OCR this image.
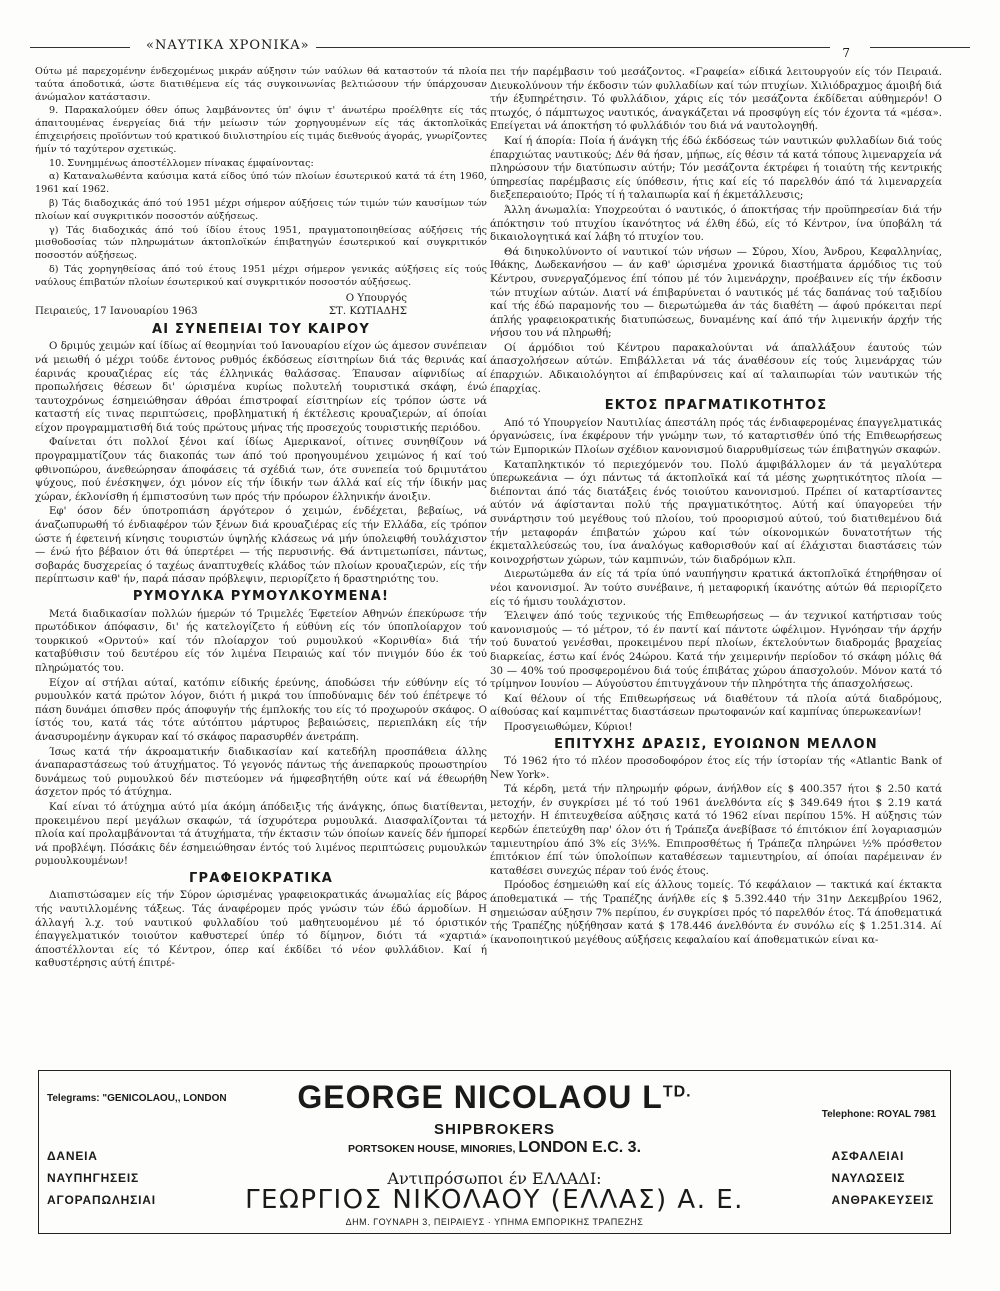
«ΝΑΥΤΙΚΑ ΧΡΟΝΙΚΑ»	7

Ούτω μέ παρεχομένην ένδεχομένως μικράν αύξησιν τών ναύλων θά καταστούν τά πλοία ταύτα άποδοτικά, ώστε διατιθέμενα είς τάς συγκοινωνίας βελτιώσουν τήν ύπάρχουσαν άνώμαλον κατάστασιν.

9. Παρακαλούμεν όθεν όπως λαμβάνοντες ύπ' όψιν τ' άνωτέρω προέλθητε είς τάς άπαιτουμένας ένεργείας διά τήν μείωσιν τών χορηγουμένων είς τάς άκτοπλοϊκάς έπιχειρήσεις προϊόντων τού κρατικού διυλιστηρίου είς τιμάς διεθνούς άγοράς, γνωρίζοντες ήμίν τό ταχύτερον σχετικώς.

10. Συνημμένως άποστέλλομεν πίνακας έμφαίνοντας:

α) Καταναλωθέντα καύσιμα κατά είδος ύπό τών πλοίων έσωτερικού κατά τά έτη 1960, 1961 καί 1962.

β) Τάς διαδοχικάς άπό τού 1951 μέχρι σήμερον αύξήσεις τών τιμών τών καυσίμων τών πλοίων καί συγκριτικόν ποσοστόν αύξήσεως.

γ) Τάς διαδοχικάς άπό τού ίδίου έτους 1951, πραγματοποιηθείσας αύξήσεις τής μισθοδοσίας τών πληρωμάτων άκτοπλοϊκών έπιβατηγών έσωτερικού καί συγκριτικόν ποσοστόν αύξήσεως.

δ) Τάς χορηγηθείσας άπό τού έτους 1951 μέχρι σήμερον γενικάς αύξήσεις είς τούς ναύλους έπιβατών πλοίων έσωτερικού καί συγκριτικόν ποσοστόν αύξήσεως.

Ο Υπουργός

Πειραιεύς, 17 Ιανουαρίου 1963	ΣΤ. ΚΩΤΙΑΔΗΣ
ΑΙ ΣΥΝΕΠΕΙΑΙ ΤΟΥ ΚΑΙΡΟΥ

Ο δριμύς χειμών καί ίδίως αί θεομηνίαι τού Ιανουαρίου είχον ώς άμεσον συνέπειαν νά μειωθή ό μέχρι τούδε έντονος ρυθμός έκδόσεως είσιτηρίων διά τάς θερινάς καί έαρινάς κρουαζιέρας είς τάς έλληνικάς θαλάσσας. Έπαυσαν αίφνιδίως αί προπωλήσεις θέσεων δι' ώρισμένα κυρίως πολυτελή τουριστικά σκάφη, ένώ ταυτοχρόνως έσημειώθησαν άθρόαι έπιστροφαί είσιτηρίων είς τρόπον ώστε νά καταστή είς τινας περιπτώσεις, προβληματική ή έκτέλεσις κρουαζιερών, αί όποίαι είχον προγραμματισθή διά τούς πρώτους μήνας τής προσεχούς τουριστικής περιόδου.

Φαίνεται ότι πολλοί ξένοι καί ίδίως Αμερικανοί, οίτινες συνηθίζουν νά προγραμματίζουν τάς διακοπάς των άπό τού προηγουμένου χειμώνος ή καί τού φθινοπώρου, άνεθεώρησαν άποφάσεις τά σχέδιά των, ότε συνεπεία τού δριμυτάτου ψύχους, πού ένέσκηψεν, όχι μόνον είς τήν ίδικήν των άλλά καί είς τήν ίδικήν μας χώραν, έκλονίσθη ή έμπιστοσύνη των πρός τήν πρόωρον έλληνικήν άνοιξιν.

Εφ' όσον δέν ύποτροπιάση άργότερον ό χειμών, ένδέχεται, βεβαίως, νά άναζωπυρωθή τό ένδιαφέρον τών ξένων διά κρουαζιέρας είς τήν Ελλάδα, είς τρόπον ώστε ή έφετεινή κίνησις τουριστών ύψηλής κλάσεως νά μήν ύπολειφθή τουλάχιστον — ένώ ήτο βέβαιον ότι θά ύπερτέρει — τής περυσινής. Θά άντιμετωπίσει, πάντως, σοβαράς δυσχερείας ό ταχέως άναπτυχθείς κλάδος τών πλοίων κρουαζιερών, είς τήν περίπτωσιν καθ' ήν, παρά πάσαν πρόβλεψιν, περιορίζετο ή δραστηριότης του.

ΡΥΜΟΥΛΚΑ ΡΥΜΟΥΛΚΟΥΜΕΝΑ!

Μετά διαδικασίαν πολλών ήμερών τό Τριμελές Έφετείον Αθηνών έπεκύρωσε τήν πρωτόδικον άπόφασιν, δι' ής κατελογίζετο ή εύθύνη είς τόν ύποπλοίαρχον τού τουρκικού «Ορντού» καί τόν πλοίαρχον τού ρυμουλκού «Κορινθία» διά τήν καταβύθισιν τού δευτέρου είς τόν λιμένα Πειραιώς καί τόν πνιγμόν δύο έκ τού πληρώματός του.

Είχον αί στήλαι αύταί, κατόπιν είδικής έρεύνης, άποδώσει τήν εύθύνην είς τό ρυμουλκόν κατά πρώτον λόγον, διότι ή μικρά του ίπποδύναμις δέν τού έπέτρεψε τό πάση δυνάμει όπισθεν πρός άποφυγήν τής έμπλοκής του είς τό προχωρούν σκάφος. Ο ίστός του, κατά τάς τότε αύτόπτου μάρτυρος βεβαιώσεις, περιεπλάκη είς τήν άνασυρομένην άγκυραν καί τό σκάφος παρασυρθέν άνετράπη.

Ίσως κατά τήν άκροαματικήν διαδικασίαν καί κατεδήλη προσπάθεια άλλης άναπαραστάσεως τού άτυχήματος. Τό γεγονός πάντως τής άνεπαρκούς προωστηρίου δυνάμεως τού ρυμουλκού δέν πιστεύομεν νά ήμφεσβητήθη ούτε καί νά έθεωρήθη άσχετον πρός τό άτύχημα.

Καί είναι τό άτύχημα αύτό μία άκόμη άπόδειξις τής άνάγκης, όπως διατίθενται, προκειμένου περί μεγάλων σκαφών, τά ίσχυρότερα ρυμουλκά. Διασφαλίζονται τά πλοία καί προλαμβάνονται τά άτυχήματα, τήν έκτασιν τών όποίων κανείς δέν ήμπορεί νά προβλέψη. Πόσάκις δέν έσημειώθησαν έντός τού λιμένος περιπτώσεις ρυμουλκών ρυμουλκουμένων!

ΓΡΑΦΕΙΟΚΡΑΤΙΚΑ

Διαπιστώσαμεν είς τήν Σύρον ώρισμένας γραφειοκρατικάς άνωμαλίας είς βάρος τής ναυτιλλομένης τάξεως. Τάς άναφέρομεν πρός γνώσιν τών έδώ άρμοδίων. Η άλλαγή λ.χ. τού ναυτικού φυλλαδίου τού μαθητευομένου μέ τό όριστικόν έπαγγελματικόν τοιούτον καθυστερεί ύπέρ τό δίμηνον, διότι τά «χαρτιά» άποστέλλονται είς τό Κέντρον, όπερ καί έκδίδει τό νέον φυλλάδιον. Καί ή καθυστέρησις αύτή έπιτρέ-

πει τήν παρέμβασιν τού μεσάζοντος. «Γραφεία» είδικά λειτουργούν είς τόν Πειραιά. Διευκολύνουν τήν έκδοσιν τών φυλλαδίων καί τών πτυχίων. Χιλιόδραχμος άμοιβή διά τήν έξυπηρέτησιν. Τό φυλλάδιον, χάρις είς τόν μεσάζοντα έκδίδεται αύθημερόν! Ο πτωχός, ό πάμπτωχος ναυτικός, άναγκάζεται νά προσφύγη είς τόν έχοντα τά «μέσα». Επείγεται νά άποκτήση τό φυλλάδιόν του διά νά ναυτολογηθή.

Καί ή άπορία: Ποία ή άνάγκη τής έδώ έκδόσεως τών ναυτικών φυλλαδίων διά τούς έπαρχιώτας ναυτικούς; Δέν θά ήσαν, μήπως, είς θέσιν τά κατά τόπους λιμεναρχεία νά πληρώσουν τήν διατύπωσιν αύτήν; Τόν μεσάζοντα έκτρέφει ή τοιαύτη τής κεντρικής ύπηρεσίας παρέμβασις είς ύπόθεσιν, ήτις καί είς τό παρελθόν άπό τά λιμεναρχεία διεξεπεραιούτο; Πρός τί ή ταλαιπωρία καί ή έκμετάλλευσις;

Άλλη άνωμαλία: Υποχρεούται ό ναυτικός, ό άποκτήσας τήν προϋπηρεσίαν διά τήν άπόκτησιν τού πτυχίου ίκανότητος νά έλθη έδώ, είς τό Κέντρον, ίνα ύποβάλη τά δικαιολογητικά καί λάβη τό πτυχίον του.

Θά διηυκολύνοντο οί ναυτικοί τών νήσων — Σύρου, Χίου, Άνδρου, Κεφαλληνίας, Ιθάκης, Δωδεκανήσου — άν καθ' ώρισμένα χρονικά διαστήματα άρμόδιος τις τού Κέντρου, συνεργαζόμενος έπί τόπου μέ τόν λιμενάρχην, προέβαινεν είς τήν έκδοσιν τών πτυχίων αύτών. Διατί νά έπιβαρύνεται ό ναυτικός μέ τάς δαπάνας τού ταξιδίου καί τής έδώ παραμονής του — διερωτώμεθα άν τάς διαθέτη — άφού πρόκειται περί άπλής γραφειοκρατικής διατυπώσεως, δυναμένης καί άπό τήν λιμενικήν άρχήν τής νήσου του νά πληρωθή;

Οί άρμόδιοι τού Κέντρου παρακαλούνται νά άπαλλάξουν έαυτούς τών άπασχολήσεων αύτών. Επιβάλλεται νά τάς άναθέσουν είς τούς λιμενάρχας τών έπαρχιών. Αδικαιολόγητοι αί έπιβαρύνσεις καί αί ταλαιπωρίαι τών ναυτικών τής έπαρχίας.

ΕΚΤΟΣ ΠΡΑΓΜΑΤΙΚΟΤΗΤΟΣ

Από τό Υπουργείον Ναυτιλίας άπεστάλη πρός τάς ένδιαφερομένας έπαγγελματικάς όργανώσεις, ίνα έκφέρουν τήν γνώμην των, τό καταρτισθέν ύπό τής Επιθεωρήσεως τών Εμπορικών Πλοίων σχέδιον κανονισμού διαρρυθμίσεως τών έπιβατηγών σκαφών.

Καταπληκτικόν τό περιεχόμενόν του. Πολύ άμφιβάλλομεν άν τά μεγαλύτερα ύπερωκεάνια — όχι πάντως τά άκτοπλοϊκά καί τά μέσης χωρητικότητος πλοία — διέπονται άπό τάς διατάξεις ένός τοιούτου κανονισμού. Πρέπει οί καταρτίσαντες αύτόν νά άφίστανται πολύ τής πραγματικότητος. Αύτή καί ύπαγορεύει τήν συνάρτησιν τού μεγέθους τού πλοίου, τού προορισμού αύτού, τού διατιθεμένου διά τήν μεταφοράν έπιβατών χώρου καί τών οίκονομικών δυνατοτήτων τής έκμεταλλεύσεώς του, ίνα άναλόγως καθορισθούν καί αί έλάχισται διαστάσεις τών κοινοχρήστων χώρων, τών καμπινών, τών διαδρόμων κλπ.

Διερωτώμεθα άν είς τά τρία ύπό ναυπήγησιν κρατικά άκτοπλοϊκά έτηρήθησαν οί νέοι κανονισμοί. Άν τούτο συνέβαινε, ή μεταφορική ίκανότης αύτών θά περιορίζετο είς τό ήμισυ τουλάχιστον.

Έλειψεν άπό τούς τεχνικούς τής Επιθεωρήσεως — άν τεχνικοί κατήρτισαν τούς κανονισμούς — τό μέτρον, τό έν παντί καί πάντοτε ώφέλιμον. Ηγνόησαν τήν άρχήν τού δυνατού γενέσθαι, προκειμένου περί πλοίων, έκτελούντων διαδρομάς βραχείας διαρκείας, έστω καί ένός 24ώρου. Κατά τήν χειμερινήν περίοδον τό σκάφη μόλις θά 30 — 40% τού προσφερομένου διά τούς έπιβάτας χώρου άπασχολούν. Μόνον κατά τό τρίμηνον Ιουνίου — Αύγούστου έπιτυγχάνουν τήν πληρότητα τής άπασχολήσεως.

Καί θέλουν οί τής Επιθεωρήσεως νά διαθέτουν τά πλοία αύτά διαδρόμους, αίθούσας καί καμπινέττας διαστάσεων πρωτοφανών καί καμπίνας ύπερωκεανίων!

Προσγειωθώμεν, Κύριοι!

ΕΠΙΤΥΧΗΣ ΔΡΑΣΙΣ, ΕΥΟΙΩΝΟΝ ΜΕΛΛΟΝ

Τό 1962 ήτο τό πλέον προσοδοφόρον έτος είς τήν ίστορίαν τής «Atlantic Bank of New York».

Τά κέρδη, μετά τήν πληρωμήν φόρων, άνήλθον είς $ 400.357 ήτοι $ 2.50 κατά μετοχήν, έν συγκρίσει μέ τό τού 1961 άνελθόντα είς $ 349.649 ήτοι $ 2.19 κατά μετοχήν. Η έπιτευχθείσα αύξησις κατά τό 1962 είναι περίπου 15%. Η αύξησις τών κερδών έπετεύχθη παρ' όλον ότι ή Τράπεζα άνεβίβασε τό έπιτόκιον έπί λογαριασμών ταμιευτηρίου άπό 3% είς 3½%. Επιπροσθέτως ή Τράπεζα πληρώνει ½% πρόσθετον έπιτόκιον έπί τών ύπολοίπων καταθέσεων ταμιευτηρίου, αί όποίαι παρέμειναν έν καταθέσει συνεχώς πέραν τού ένός έτους.

Πρόοδος έσημειώθη καί είς άλλους τομείς. Τό κεφάλαιον — τακτικά καί έκτακτα άποθεματικά — τής Τραπέζης άνήλθε είς $ 5.392.440 τήν 31ην Δεκεμβρίου 1962, σημειώσαν αύξησιν 7% περίπου, έν συγκρίσει πρός τό παρελθόν έτος. Τά άποθεματικά τής Τραπέζης ηύξήθησαν κατά $ 178.446 άνελθόντα έν συνόλω είς $ 1.251.314. Αί ίκανοποιητικού μεγέθους αύξήσεις κεφαλαίου καί άποθεματικών είναι κα-

Telegrams: "GENICOLAOU,, LONDON
Telephone: ROYAL 7981
GEORGE NICOLAOU $L^{TD.}$
SHIPBROKERS
PORTSOKEN HOUSE, MINORIES, LONDON E.C. 3.
ΔΑΝΕΙΑ
ΝΑΥΠΗΓΗΣΕΙΣ
ΑΓΟΡΑΠΩΛΗΣΙΑΙ
ΑΣΦΑΛΕΙΑΙ
ΝΑΥΛΩΣΕΙΣ
ΑΝΘΡΑΚΕΥΣΕΙΣ
Αντιπρόσωποι έν ΕΛΛΑΔΙ:
ΓΕΩΡΓΙΟΣ ΝΙΚΟΛΑΟΥ (ΕΛΛΑΣ) Α. Ε.
ΔΗΜ. ΓΟΥΝΑΡΗ 3, ΠΕΙΡΑΙΕΥΣ · ΥΠΗΜΑ ΕΜΠΟΡΙΚΗΣ ΤΡΑΠΕΖΗΣ
